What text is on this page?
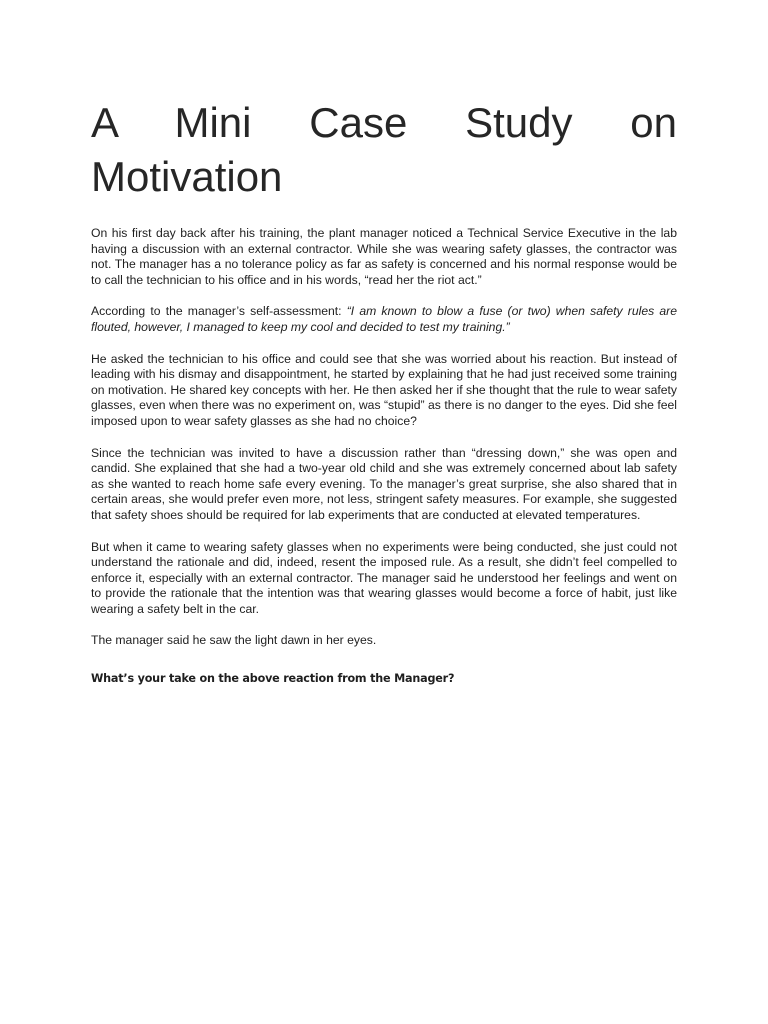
A Mini Case Study on
Motivation

On his first day back after his training, the plant manager noticed a Technical Service Executive in the lab having a discussion with an external contractor. While she was wearing safety glasses, the contractor was not. The manager has a no tolerance policy as far as safety is concerned and his normal response would be to call the technician to his office and in his words, “read her the riot act.”

According to the manager’s self-assessment: “I am known to blow a fuse (or two) when safety rules are flouted, however, I managed to keep my cool and decided to test my training.”

He asked the technician to his office and could see that she was worried about his reaction. But instead of leading with his dismay and disappointment, he started by explaining that he had just received some training on motivation. He shared key concepts with her. He then asked her if she thought that the rule to wear safety glasses, even when there was no experiment on, was “stupid” as there is no danger to the eyes. Did she feel imposed upon to wear safety glasses as she had no choice?

Since the technician was invited to have a discussion rather than “dressing down,” she was open and candid. She explained that she had a two-year old child and she was extremely concerned about lab safety as she wanted to reach home safe every evening. To the manager’s great surprise, she also shared that in certain areas, she would prefer even more, not less, stringent safety measures. For example, she suggested that safety shoes should be required for lab experiments that are conducted at elevated temperatures.

But when it came to wearing safety glasses when no experiments were being conducted, she just could not understand the rationale and did, indeed, resent the imposed rule. As a result, she didn’t feel compelled to enforce it, especially with an external contractor. The manager said he understood her feelings and went on to provide the rationale that the intention was that wearing glasses would become a force of habit, just like wearing a safety belt in the car.

The manager said he saw the light dawn in her eyes.

What’s your take on the above reaction from the Manager?
